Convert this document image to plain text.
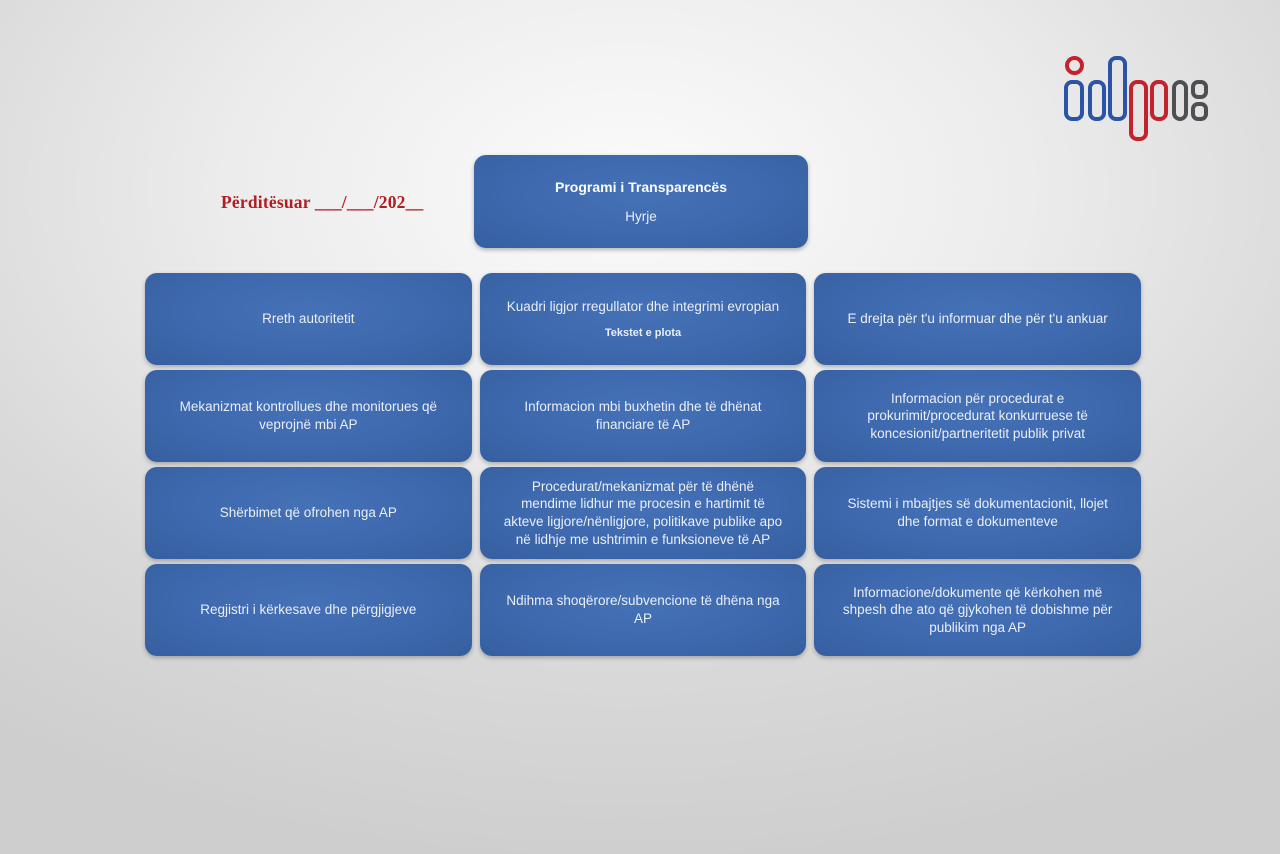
Përditësuar ___/___/202__
Programi i Transparencës
Hyrje
Rreth autoritetit
Kuadri ligjor rregullator dhe integrimi evropian
Tekstet e plota
E drejta për t'u informuar dhe për t'u ankuar
Mekanizmat kontrollues dhe monitorues që veprojnë mbi AP
Informacion mbi buxhetin dhe të dhënat financiare të AP
Informacion për procedurat e prokurimit/procedurat konkurruese të koncesionit/partneritetit publik privat
Shërbimet që ofrohen nga AP
Procedurat/mekanizmat për të dhënë mendime lidhur me procesin e hartimit të akteve ligjore/nënligjore, politikave publike apo në lidhje me ushtrimin e funksioneve të AP
Sistemi i mbajtjes së dokumentacionit, llojet dhe format e dokumenteve
Regjistri i kërkesave dhe përgjigjeve
Ndihma shoqërore/subvencione të dhëna nga AP
Informacione/dokumente që kërkohen më shpesh dhe ato që gjykohen të dobishme për publikim nga AP
